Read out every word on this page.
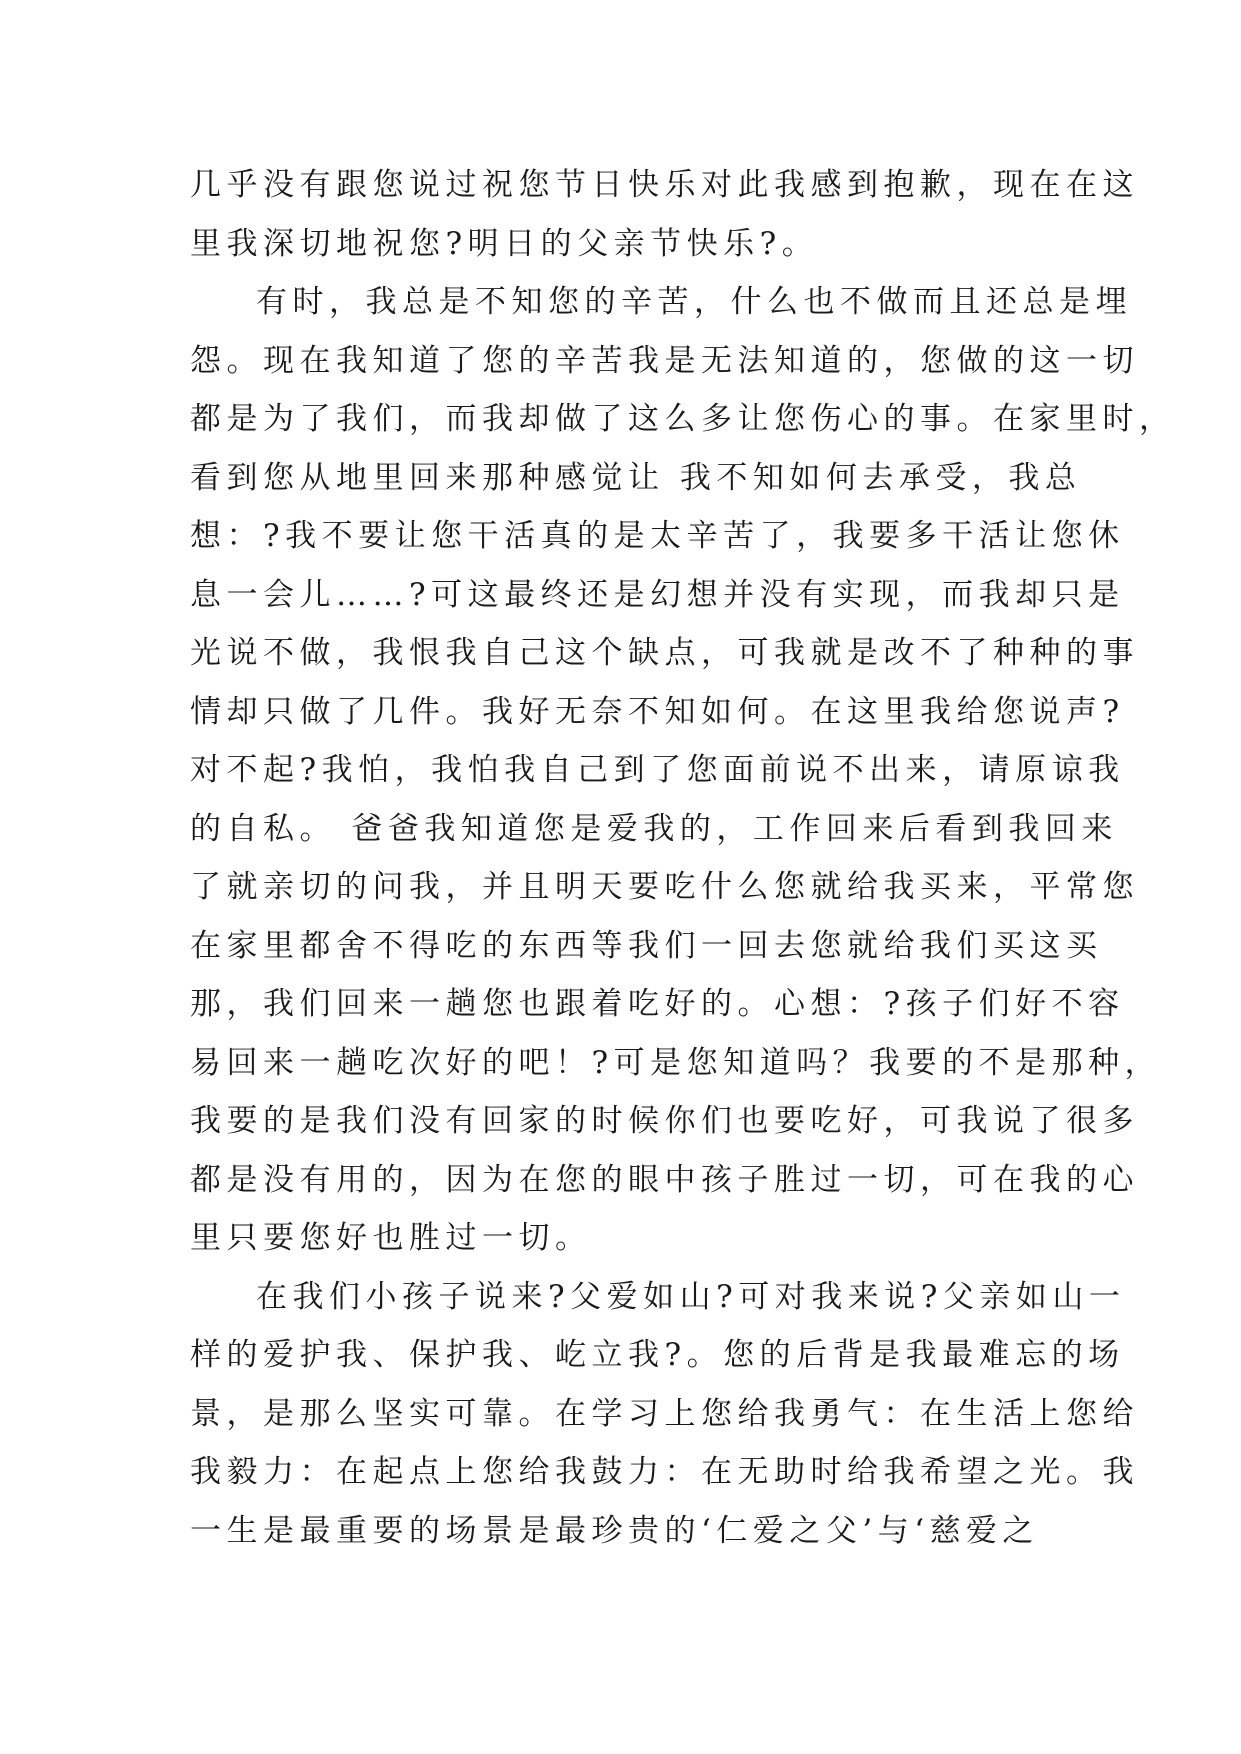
几乎没有跟您说过祝您节日快乐对此我感到抱歉，现在在这
里我深切地祝您?明日的父亲节快乐?。
有时，我总是不知您的辛苦，什么也不做而且还总是埋
怨。现在我知道了您的辛苦我是无法知道的，您做的这一切
都是为了我们，而我却做了这么多让您伤心的事。在家里时，
看到您从地里回来那种感觉让 我不知如何去承受，我总
想：?我不要让您干活真的是太辛苦了，我要多干活让您休
息一会儿……?可这最终还是幻想并没有实现，而我却只是
光说不做，我恨我自己这个缺点，可我就是改不了种种的事
情却只做了几件。我好无奈不知如何。在这里我给您说声?
对不起?我怕，我怕我自己到了您面前说不出来，请原谅我
的自私。 爸爸我知道您是爱我的，工作回来后看到我回来
了就亲切的问我，并且明天要吃什么您就给我买来，平常您
在家里都舍不得吃的东西等我们一回去您就给我们买这买
那，我们回来一趟您也跟着吃好的。心想：?孩子们好不容
易回来一趟吃次好的吧！?可是您知道吗？我要的不是那种，
我要的是我们没有回家的时候你们也要吃好，可我说了很多
都是没有用的，因为在您的眼中孩子胜过一切，可在我的心
里只要您好也胜过一切。
在我们小孩子说来?父爱如山?可对我来说?父亲如山一
样的爱护我、保护我、屹立我?。您的后背是我最难忘的场
景，是那么坚实可靠。在学习上您给我勇气：在生活上您给
我毅力：在起点上您给我鼓力：在无助时给我希望之光。我
一生是最重要的场景是最珍贵的‘仁爱之父’与‘慈爱之
